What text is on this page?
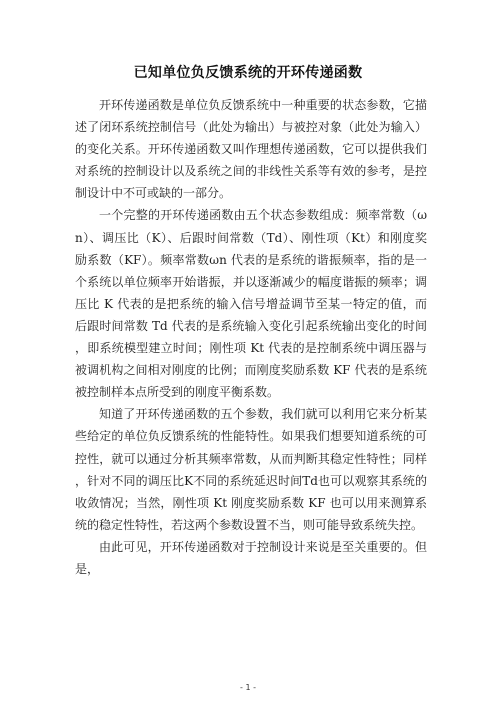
已知单位负反馈系统的开环传递函数

开环传递函数是单位负反馈系统中一种重要的状态参数，它描述了闭环系统控制信号（此处为输出）与被控对象（此处为输入）的变化关系。开环传递函数又叫作理想传递函数，它可以提供我们对系统的控制设计以及系统之间的非线性关系等有效的参考，是控制设计中不可或缺的一部分。

一个完整的开环传递函数由五个状态参数组成：频率常数（ωn）、调压比（K）、后跟时间常数（Td）、刚性项（Kt）和刚度奖励系数（KF）。频率常数ωn 代表的是系统的谐振频率，指的是一个系统以单位频率开始谐振，并以逐渐减少的幅度谐振的频率；调压比 K 代表的是把系统的输入信号增益调节至某一特定的值，而后跟时间常数 Td 代表的是系统输入变化引起系统输出变化的时间，即系统模型建立时间；刚性项 Kt 代表的是控制系统中调压器与被调机构之间相对刚度的比例；而刚度奖励系数 KF 代表的是系统被控制样本点所受到的刚度平衡系数。

知道了开环传递函数的五个参数，我们就可以利用它来分析某些给定的单位负反馈系统的性能特性。如果我们想要知道系统的可控性，就可以通过分析其频率常数，从而判断其稳定性特性；同样，针对不同的调压比K不同的系统延迟时间Td也可以观察其系统的收敛情况；当然，刚性项 Kt 刚度奖励系数 KF 也可以用来测算系统的稳定性特性，若这两个参数设置不当，则可能导致系统失控。

由此可见，开环传递函数对于控制设计来说是至关重要的。但是，

- 1 -
